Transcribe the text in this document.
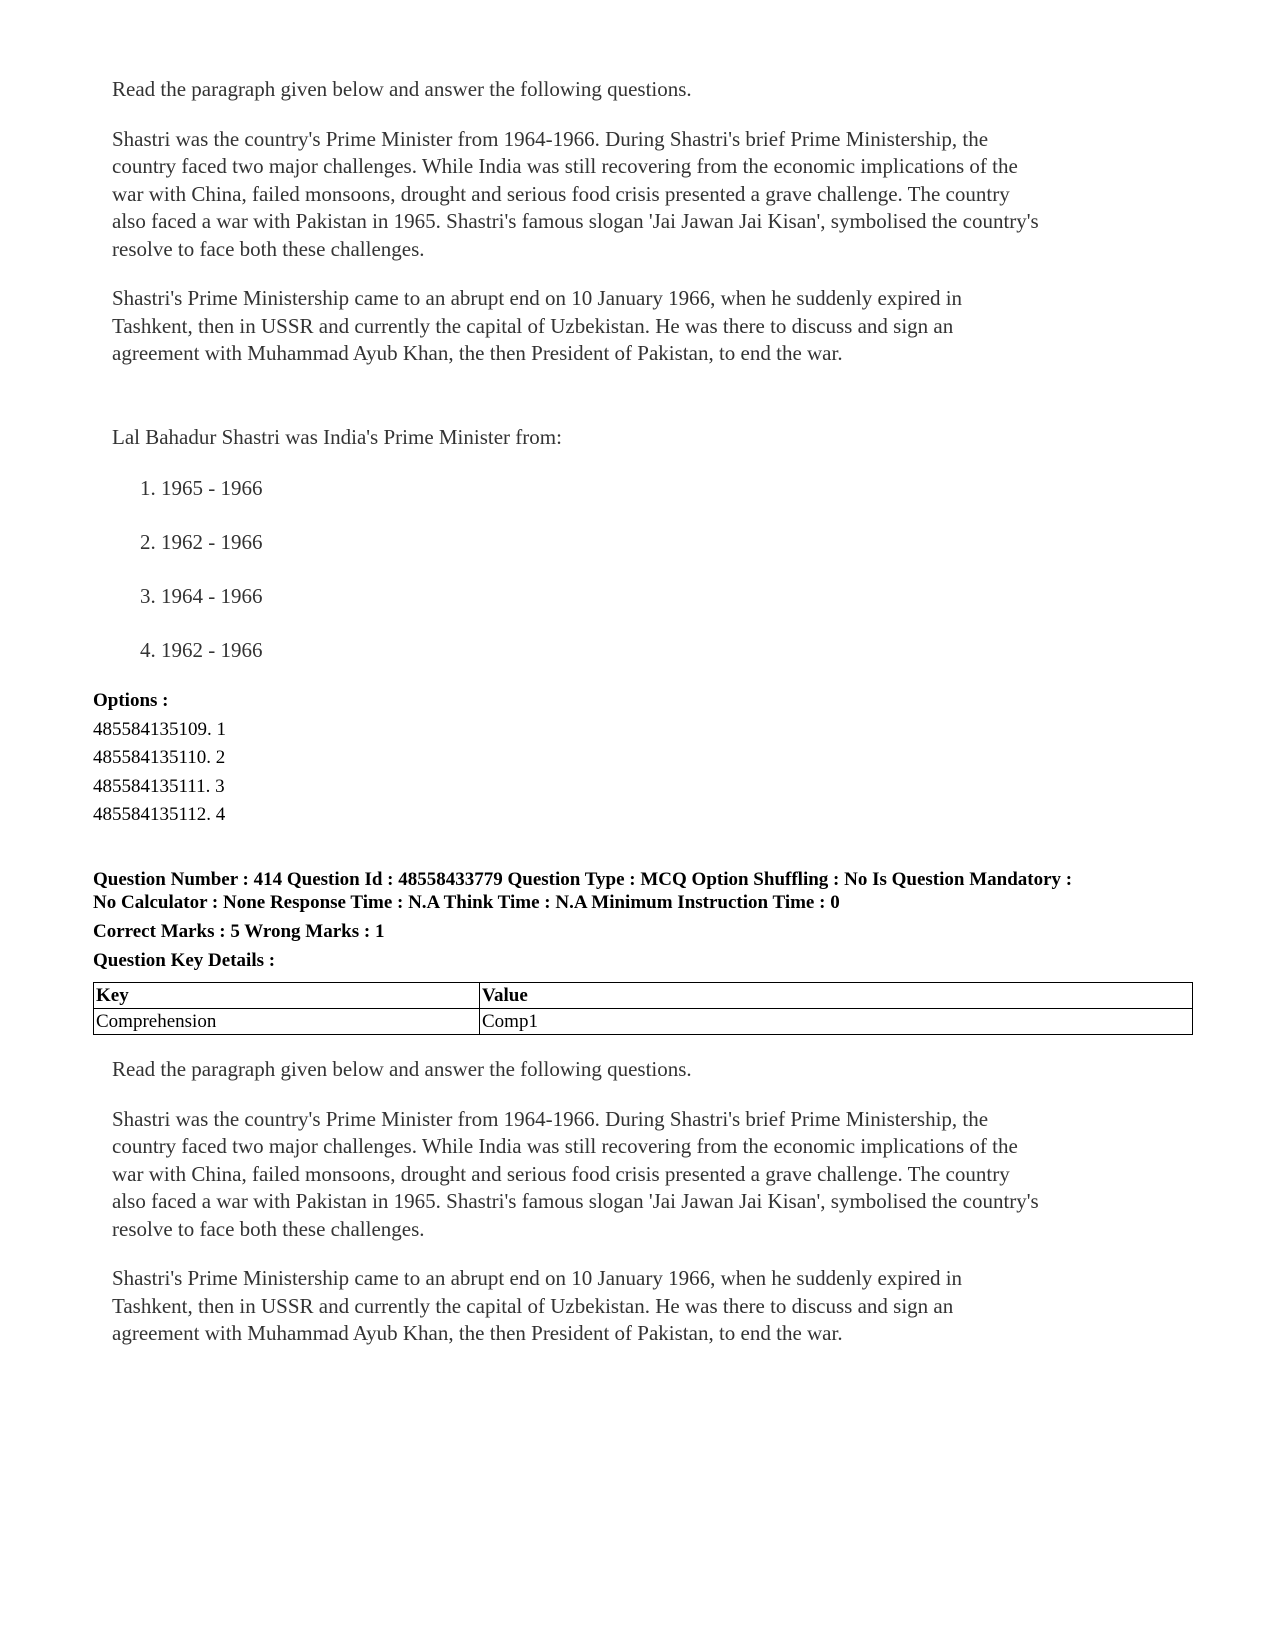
Read the paragraph given below and answer the following questions.

Shastri was the country's Prime Minister from 1964-1966. During Shastri's brief Prime Ministership, the

country faced two major challenges. While India was still recovering from the economic implications of the

war with China, failed monsoons, drought and serious food crisis presented a grave challenge. The country

also faced a war with Pakistan in 1965. Shastri's famous slogan 'Jai Jawan Jai Kisan', symbolised the country's

resolve to face both these challenges.

Shastri's Prime Ministership came to an abrupt end on 10 January 1966, when he suddenly expired in

Tashkent, then in USSR and currently the capital of Uzbekistan. He was there to discuss and sign an

agreement with Muhammad Ayub Khan, the then President of Pakistan, to end the war.

Lal Bahadur Shastri was India's Prime Minister from:

1. 1965 - 1966
2. 1962 - 1966
3. 1964 - 1966
4. 1962 - 1966
Options :
485584135109. 1
485584135110. 2
485584135111. 3
485584135112. 4
Question Number : 414 Question Id : 48558433779 Question Type : MCQ Option Shuffling : No Is Question Mandatory :
No Calculator : None Response Time : N.A Think Time : N.A Minimum Instruction Time : 0
Correct Marks : 5 Wrong Marks : 1
Question Key Details :
Key	Value
Comprehension	Comp1

Read the paragraph given below and answer the following questions.

Shastri was the country's Prime Minister from 1964-1966. During Shastri's brief Prime Ministership, the

country faced two major challenges. While India was still recovering from the economic implications of the

war with China, failed monsoons, drought and serious food crisis presented a grave challenge. The country

also faced a war with Pakistan in 1965. Shastri's famous slogan 'Jai Jawan Jai Kisan', symbolised the country's

resolve to face both these challenges.

Shastri's Prime Ministership came to an abrupt end on 10 January 1966, when he suddenly expired in

Tashkent, then in USSR and currently the capital of Uzbekistan. He was there to discuss and sign an

agreement with Muhammad Ayub Khan, the then President of Pakistan, to end the war.
